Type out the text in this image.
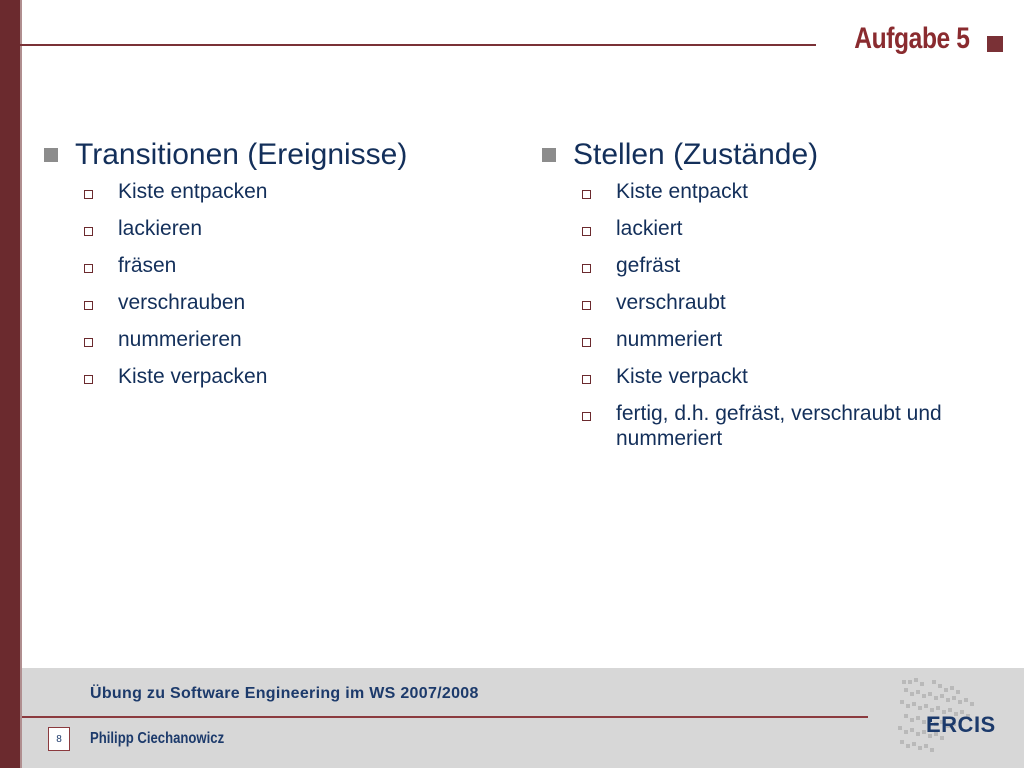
Aufgabe 5
Transitionen (Ereignisse)
Kiste entpacken
lackieren
fräsen
verschrauben
nummerieren
Kiste verpacken
Stellen (Zustände)
Kiste entpackt
lackiert
gefräst
verschraubt
nummeriert
Kiste verpackt
fertig, d.h. gefräst, verschraubt und nummeriert
Übung zu Software Engineering im WS 2007/2008
8	Philipp Ciechanowicz
ERCIS
